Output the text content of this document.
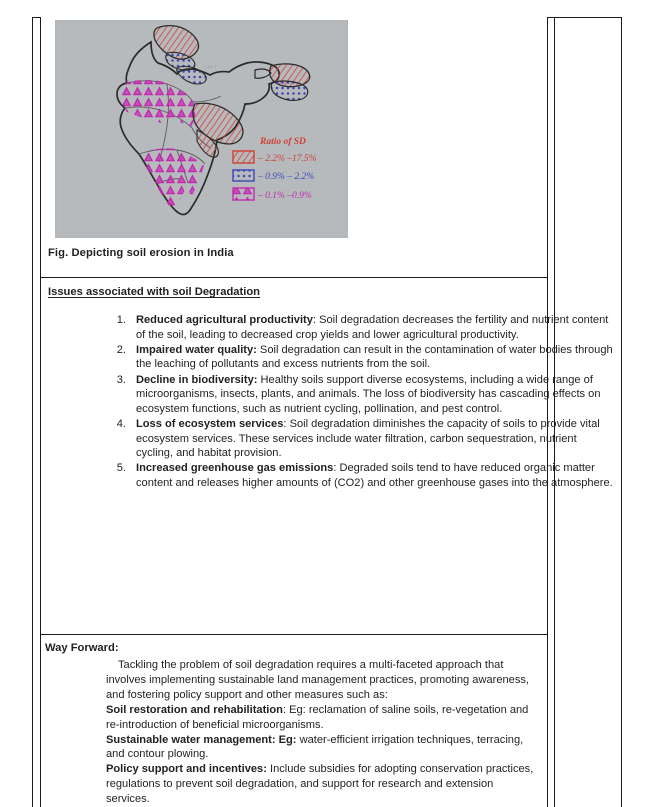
TIBET
Ratio of SD
– 2.2% –17.5%
– 0.9% – 2.2%
– 0.1% –0.9%
Fig. Depicting soil erosion in India
Issues associated with soil Degradation
1. Reduced agricultural productivity: Soil degradation decreases the fertility and nutrient content of the soil, leading to decreased crop yields and lower agricultural productivity.
2. Impaired water quality: Soil degradation can result in the contamination of water bodies through the leaching of pollutants and excess nutrients from the soil.
3. Decline in biodiversity: Healthy soils support diverse ecosystems, including a wide range of microorganisms, insects, plants, and animals. The loss of biodiversity has cascading effects on ecosystem functions, such as nutrient cycling, pollination, and pest control.
4. Loss of ecosystem services: Soil degradation diminishes the capacity of soils to provide vital ecosystem services. These services include water filtration, carbon sequestration, nutrient cycling, and habitat provision.
5. Increased greenhouse gas emissions: Degraded soils tend to have reduced organic matter content and releases higher amounts of (CO2) and other greenhouse gases into the atmosphere.
Way Forward:

Tackling the problem of soil degradation requires a multi-faceted approach that involves implementing sustainable land management practices, promoting awareness, and fostering policy support and other measures such as:

Soil restoration and rehabilitation: Eg: reclamation of saline soils, re-vegetation and re-introduction of beneficial microorganisms.

Sustainable water management: Eg: water-efficient irrigation techniques, terracing, and contour plowing.

Policy support and incentives: Include subsidies for adopting conservation practices, regulations to prevent soil degradation, and support for research and extension services.
